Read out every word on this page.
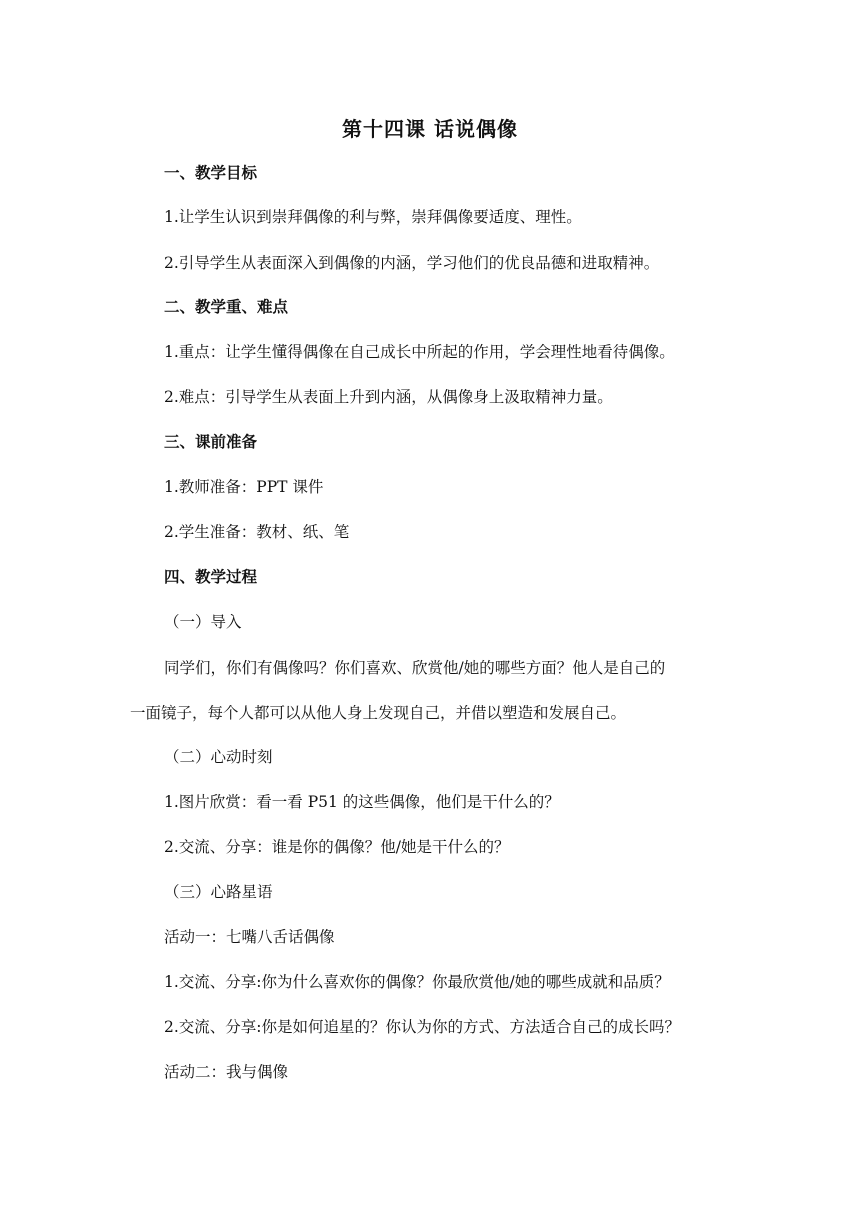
第十四课 话说偶像
一、教学目标
1.让学生认识到崇拜偶像的利与弊，崇拜偶像要适度、理性。
2.引导学生从表面深入到偶像的内涵，学习他们的优良品德和进取精神。
二、教学重、难点
1.重点：让学生懂得偶像在自己成长中所起的作用，学会理性地看待偶像。
2.难点：引导学生从表面上升到内涵，从偶像身上汲取精神力量。
三、课前准备
1.教师准备：PPT 课件
2.学生准备：教材、纸、笔
四、教学过程
（一）导入
同学们，你们有偶像吗？你们喜欢、欣赏他/她的哪些方面？他人是自己的
一面镜子，每个人都可以从他人身上发现自己，并借以塑造和发展自己。
（二）心动时刻
1.图片欣赏：看一看 P51 的这些偶像，他们是干什么的？
2.交流、分享：谁是你的偶像？他/她是干什么的？
（三）心路星语
活动一：七嘴八舌话偶像
1.交流、分享:你为什么喜欢你的偶像？你最欣赏他/她的哪些成就和品质？
2.交流、分享:你是如何追星的？你认为你的方式、方法适合自己的成长吗？
活动二：我与偶像
